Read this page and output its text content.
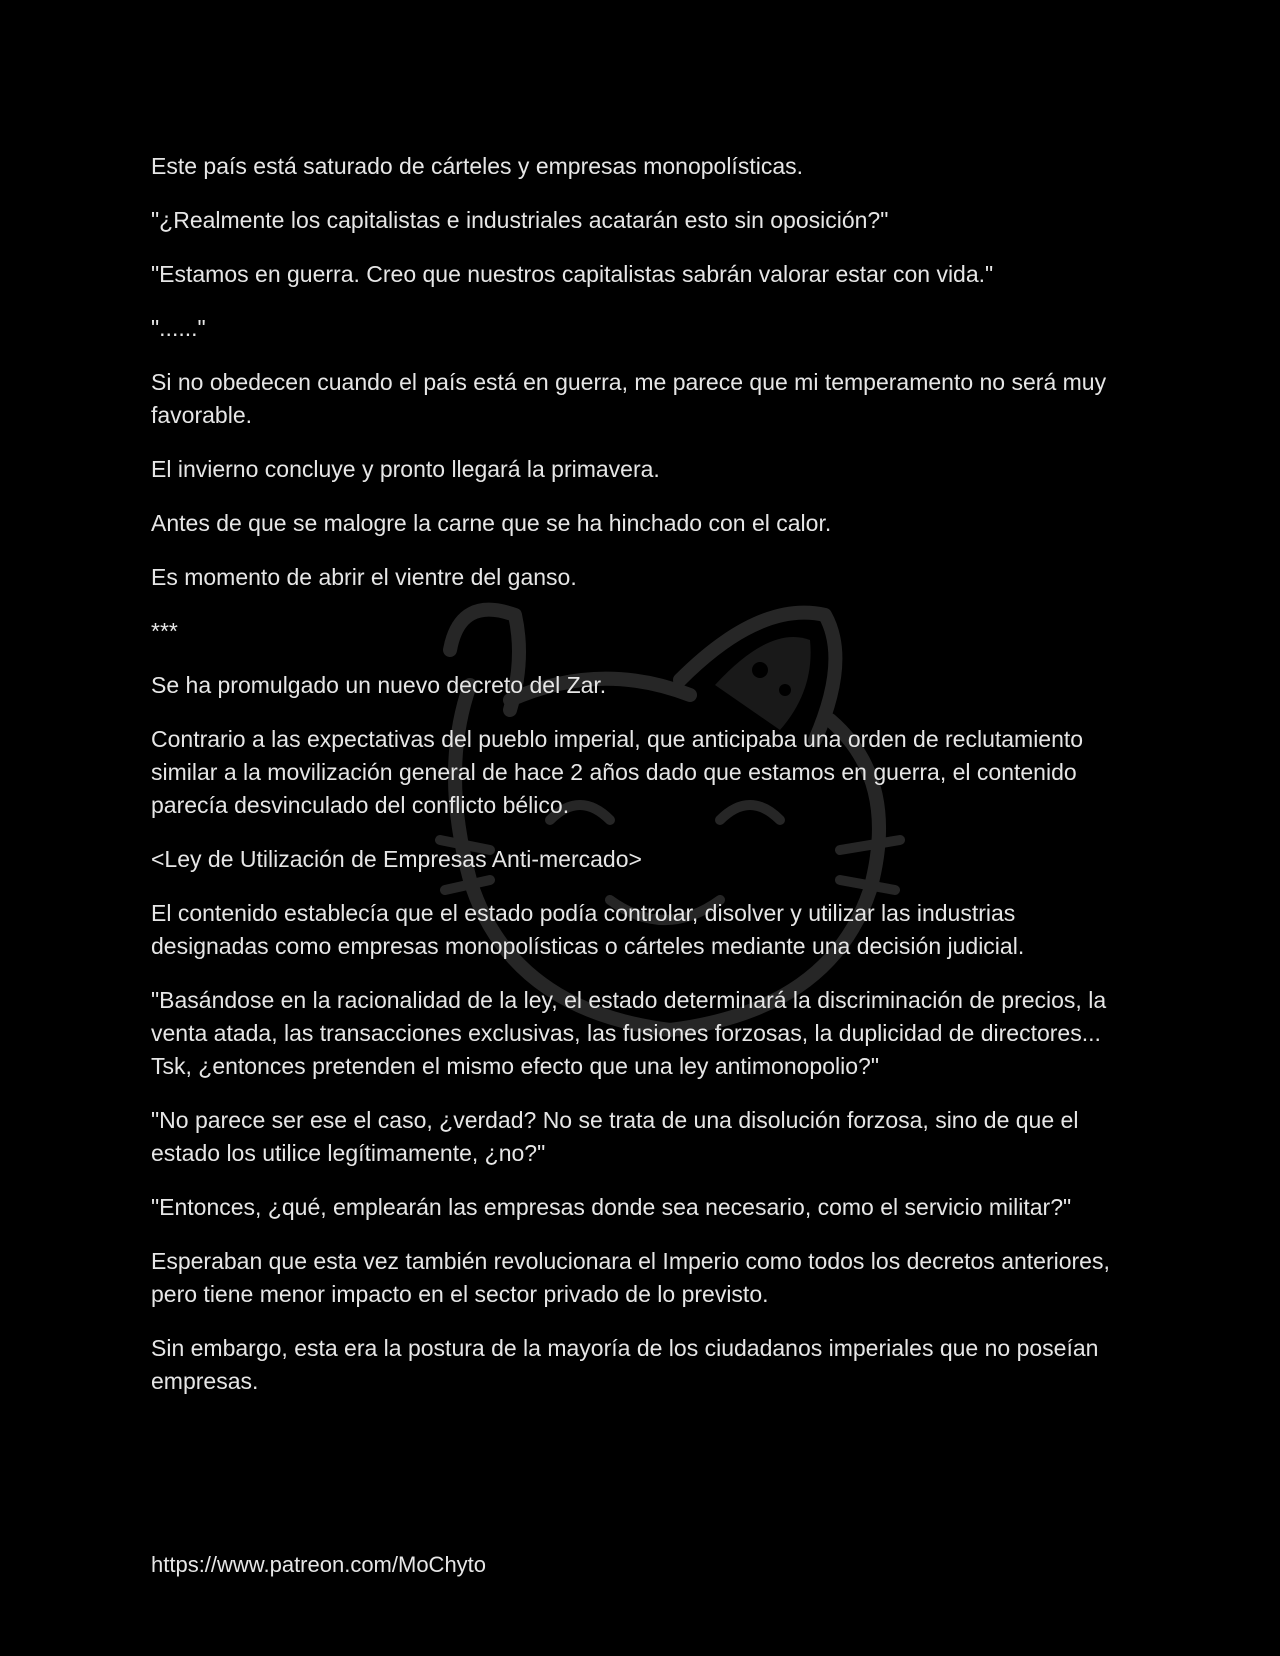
Este país está saturado de cárteles y empresas monopolísticas.

"¿Realmente los capitalistas e industriales acatarán esto sin oposición?"

"Estamos en guerra. Creo que nuestros capitalistas sabrán valorar estar con vida."

"......"

Si no obedecen cuando el país está en guerra, me parece que mi temperamento no será muy favorable.

El invierno concluye y pronto llegará la primavera.

Antes de que se malogre la carne que se ha hinchado con el calor.

Es momento de abrir el vientre del ganso.

***

Se ha promulgado un nuevo decreto del Zar.

Contrario a las expectativas del pueblo imperial, que anticipaba una orden de reclutamiento similar a la movilización general de hace 2 años dado que estamos en guerra, el contenido parecía desvinculado del conflicto bélico.

<Ley de Utilización de Empresas Anti-mercado>

El contenido establecía que el estado podía controlar, disolver y utilizar las industrias designadas como empresas monopolísticas o cárteles mediante una decisión judicial.

"Basándose en la racionalidad de la ley, el estado determinará la discriminación de precios, la venta atada, las transacciones exclusivas, las fusiones forzosas, la duplicidad de directores... Tsk, ¿entonces pretenden el mismo efecto que una ley antimonopolio?"

"No parece ser ese el caso, ¿verdad? No se trata de una disolución forzosa, sino de que el estado los utilice legítimamente, ¿no?"

"Entonces, ¿qué, emplearán las empresas donde sea necesario, como el servicio militar?"

Esperaban que esta vez también revolucionara el Imperio como todos los decretos anteriores, pero tiene menor impacto en el sector privado de lo previsto.

Sin embargo, esta era la postura de la mayoría de los ciudadanos imperiales que no poseían empresas.

https://www.patreon.com/MoChyto
